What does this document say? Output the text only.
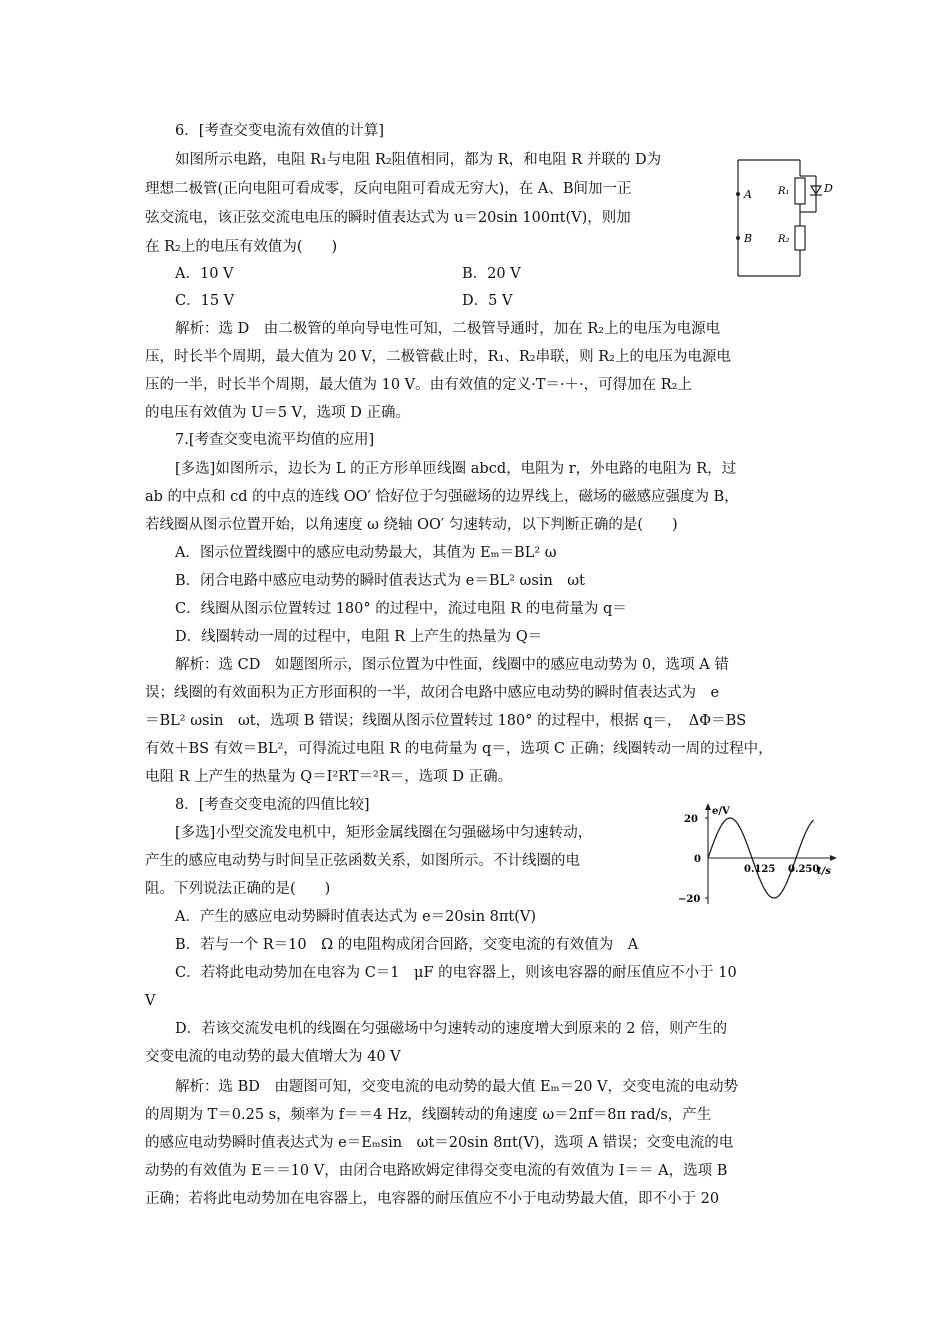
6．[考查交变电流有效值的计算]
如图所示电路，电阻 R₁与电阻 R₂阻值相同，都为 R，和电阻 R 并联的 D为
理想二极管(正向电阻可看成零，反向电阻可看成无穷大)，在 A、B间加一正
弦交流电，该正弦交流电电压的瞬时值表达式为 u＝20sin 100πt(V)，则加
在 R₂上的电压有效值为(　　)
A．10 V	B．20 V
C．15 V	D．5 V
解析：选 D　由二极管的单向导电性可知，二极管导通时，加在 R₂上的电压为电源电
压，时长半个周期，最大值为 20 V，二极管截止时，R₁、R₂串联，则 R₂上的电压为电源电
压的一半，时长半个周期，最大值为 10 V。由有效值的定义·T＝·＋·，可得加在 R₂上
的电压有效值为 U＝5 V，选项 D 正确。
A
B
R₁
R₂
D
7.[考查交变电流平均值的应用]
[多选]如图所示，边长为 L 的正方形单匝线圈 abcd，电阻为 r，外电路的电阻为 R，过
ab 的中点和 cd 的中点的连线 OO′ 恰好位于匀强磁场的边界线上，磁场的磁感应强度为 B，
若线圈从图示位置开始，以角速度 ω 绕轴 OO′ 匀速转动，以下判断正确的是(　　)
A．图示位置线圈中的感应电动势最大，其值为 Eₘ＝BL² ω
B．闭合电路中感应电动势的瞬时值表达式为 e＝BL² ωsin　ωt
C．线圈从图示位置转过 180° 的过程中，流过电阻 R 的电荷量为 q＝
D．线圈转动一周的过程中，电阻 R 上产生的热量为 Q＝
解析：选 CD　如题图所示，图示位置为中性面，线圈中的感应电动势为 0，选项 A 错
误；线圈的有效面积为正方形面积的一半，故闭合电路中感应电动势的瞬时值表达式为　e
＝BL² ωsin　ωt，选项 B 错误；线圈从图示位置转过 180° 的过程中，根据 q＝，　ΔΦ＝BS
有效＋BS 有效＝BL²，可得流过电阻 R 的电荷量为 q＝，选项 C 正确；线圈转动一周的过程中，
电阻 R 上产生的热量为 Q＝I²RT＝²R＝，选项 D 正确。
8．[考查交变电流的四值比较]
[多选]小型交流发电机中，矩形金属线圈在匀强磁场中匀速转动，
产生的感应电动势与时间呈正弦函数关系，如图所示。不计线圈的电
阻。下列说法正确的是(　　)
A．产生的感应电动势瞬时值表达式为 e＝20sin 8πt(V)
B．若与一个 R＝10　Ω 的电阻构成闭合回路，交变电流的有效值为　A
C．若将此电动势加在电容为 C＝1　μF 的电容器上，则该电容器的耐压值应不小于 10
V
D．若该交流发电机的线圈在匀强磁场中匀速转动的速度增大到原来的 2 倍，则产生的
交变电流的电动势的最大值增大为 40 V
解析：选 BD　由题图可知，交变电流的电动势的最大值 Eₘ＝20 V，交变电流的电动势
的周期为 T＝0.25 s，频率为 f＝＝4 Hz，线圈转动的角速度 ω＝2πf＝8π rad/s，产生
的感应电动势瞬时值表达式为 e＝Eₘsin　ωt＝20sin 8πt(V)，选项 A 错误；交变电流的电
动势的有效值为 E＝＝10 V，由闭合电路欧姆定律得交变电流的有效值为 I＝＝ A，选项 B
正确；若将此电动势加在电容器上，电容器的耐压值应不小于电动势最大值，即不小于 20
e/V
t/s
20
0
−20
0.125 0.250
